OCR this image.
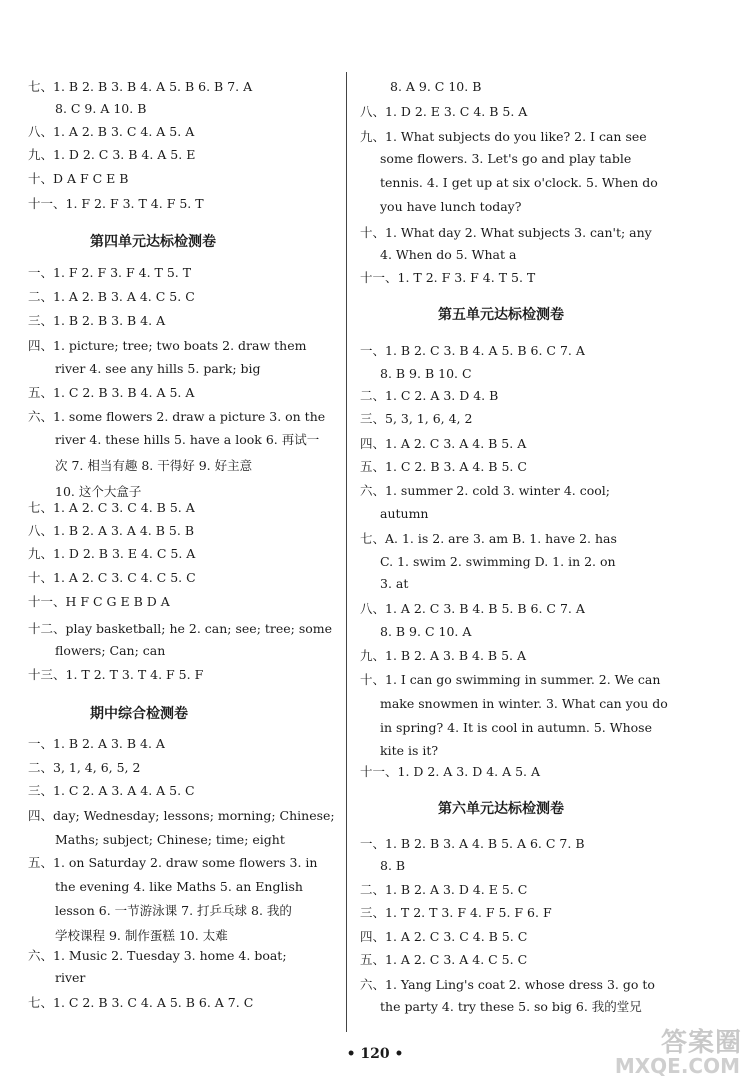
七、1. B 2. B 3. B 4. A 5. B 6. B 7. A
8. C 9. A 10. B
八、1. A 2. B 3. C 4. A 5. A
九、1. D 2. C 3. B 4. A 5. E
十、D A F C E B
十一、1. F 2. F 3. T 4. F 5. T
第四单元达标检测卷
一、1. F 2. F 3. F 4. T 5. T
二、1. A 2. B 3. A 4. C 5. C
三、1. B 2. B 3. B 4. A
四、1. picture; tree; two boats 2. draw them
river 4. see any hills 5. park; big
五、1. C 2. B 3. B 4. A 5. A
六、1. some flowers 2. draw a picture 3. on the
river 4. these hills 5. have a look 6. 再试一
次 7. 相当有趣 8. 干得好 9. 好主意
10. 这个大盒子
七、1. A 2. C 3. C 4. B 5. A
八、1. B 2. A 3. A 4. B 5. B
九、1. D 2. B 3. E 4. C 5. A
十、1. A 2. C 3. C 4. C 5. C
十一、H F C G E B D A
十二、play basketball; he 2. can; see; tree; some
flowers; Can; can
十三、1. T 2. T 3. T 4. F 5. F
期中综合检测卷
一、1. B 2. A 3. B 4. A
二、3, 1, 4, 6, 5, 2
三、1. C 2. A 3. A 4. A 5. C
四、day; Wednesday; lessons; morning; Chinese;
Maths; subject; Chinese; time; eight
五、1. on Saturday 2. draw some flowers 3. in
the evening 4. like Maths 5. an English
lesson 6. 一节游泳课 7. 打乒乓球 8. 我的
学校课程 9. 制作蛋糕 10. 太难
六、1. Music 2. Tuesday 3. home 4. boat;
river
七、1. C 2. B 3. C 4. A 5. B 6. A 7. C
8. A 9. C 10. B
八、1. D 2. E 3. C 4. B 5. A
九、1. What subjects do you like? 2. I can see
some flowers. 3. Let's go and play table
tennis. 4. I get up at six o'clock. 5. When do
you have lunch today?
十、1. What day 2. What subjects 3. can't; any
4. When do 5. What a
十一、1. T 2. F 3. F 4. T 5. T
第五单元达标检测卷
一、1. B 2. C 3. B 4. A 5. B 6. C 7. A
8. B 9. B 10. C
二、1. C 2. A 3. D 4. B
三、5, 3, 1, 6, 4, 2
四、1. A 2. C 3. A 4. B 5. A
五、1. C 2. B 3. A 4. B 5. C
六、1. summer 2. cold 3. winter 4. cool;
autumn
七、A. 1. is 2. are 3. am B. 1. have 2. has
C. 1. swim 2. swimming D. 1. in 2. on
3. at
八、1. A 2. C 3. B 4. B 5. B 6. C 7. A
8. B 9. C 10. A
九、1. B 2. A 3. B 4. B 5. A
十、1. I can go swimming in summer. 2. We can
make snowmen in winter. 3. What can you do
in spring? 4. It is cool in autumn. 5. Whose
kite is it?
十一、1. D 2. A 3. D 4. A 5. A
第六单元达标检测卷
一、1. B 2. B 3. A 4. B 5. A 6. C 7. B
8. B
二、1. B 2. A 3. D 4. E 5. C
三、1. T 2. T 3. F 4. F 5. F 6. F
四、1. A 2. C 3. C 4. B 5. C
五、1. A 2. C 3. A 4. C 5. C
六、1. Yang Ling's coat 2. whose dress 3. go to
the party 4. try these 5. so big 6. 我的堂兄
• 120 •	答案圈
MXQE.COM
